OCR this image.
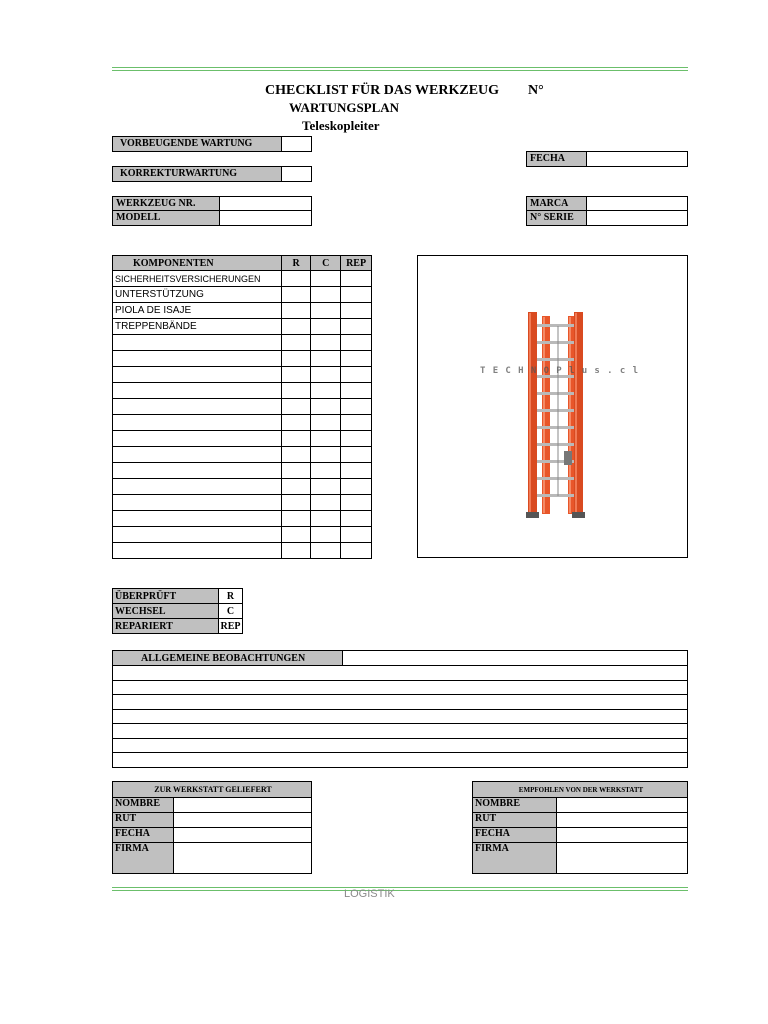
CHECKLIST FÜR DAS WERKZEUG N°
WARTUNGSPLAN
Teleskopleiter
VORBEUGENDE WARTUNG
KORREKTURWARTUNG
FECHA
WERKZEUG NR.
MODELL
MARCA
N° SERIE
KOMPONENTEN	R	C	REP
SICHERHEITSVERSICHERUNGEN			
UNTERSTÜTZUNG			
PIOLA DE ISAJE			
TREPPENBÄNDE			

TECHNOPlus.cl
ÜBERPRÜFT	R
WECHSEL	C
REPARIERT	REP
ALLGEMEINE BEOBACHTUNGEN	

ZUR WERKSTATT GELIEFERT	
NOMBRE	
RUT	
FECHA	
FIRMA	
EMPFOHLEN VON DER WERKSTATT	
NOMBRE	
RUT	
FECHA	
FIRMA	
LOGISTIK
